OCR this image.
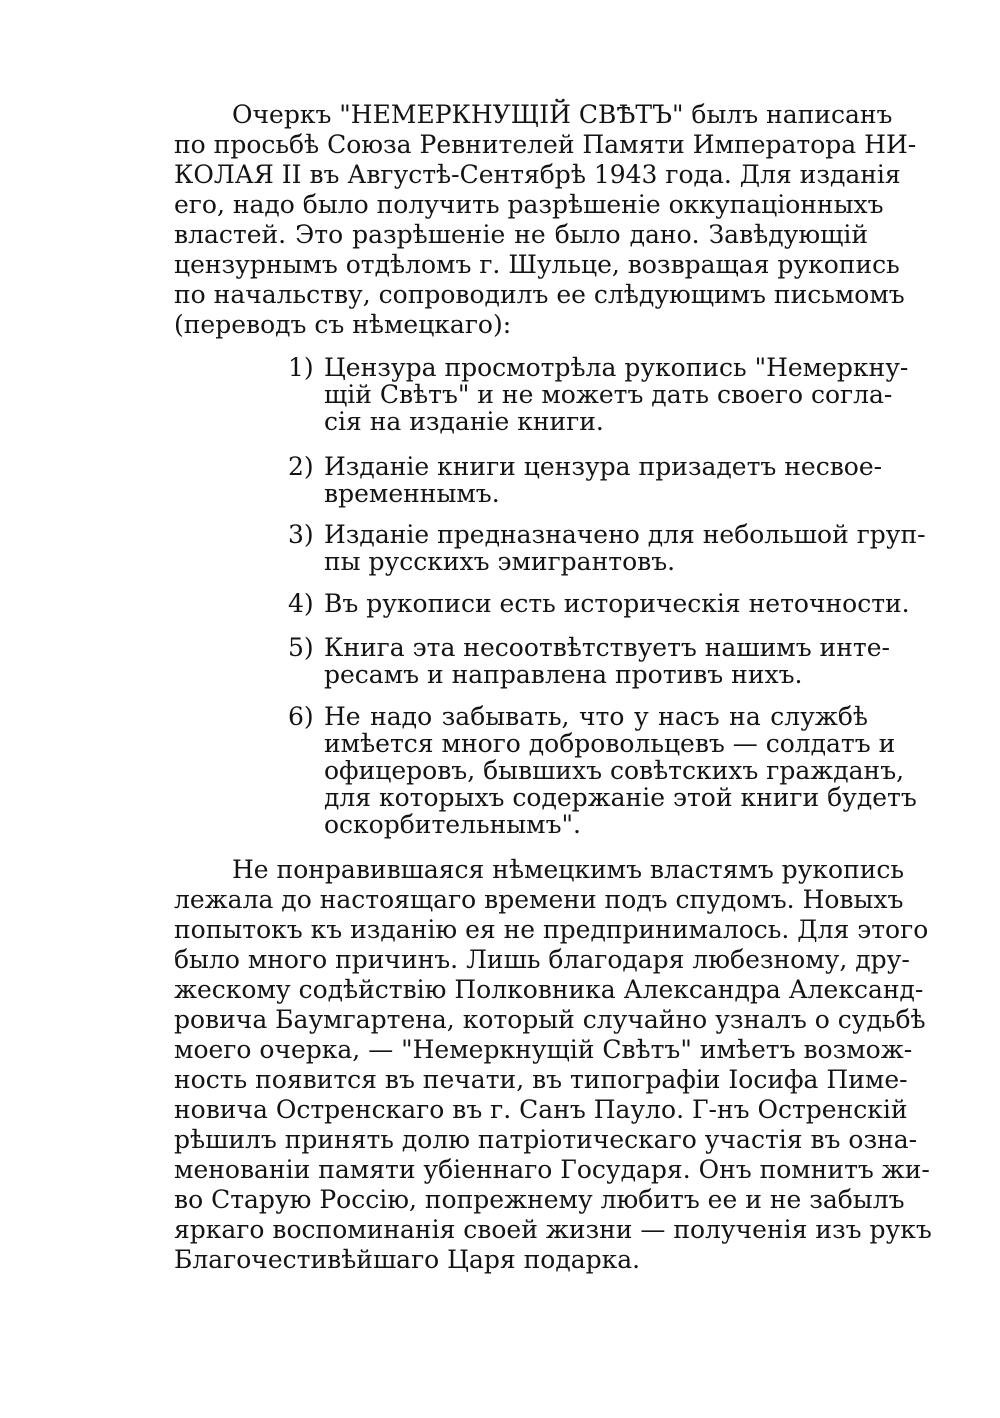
Очеркъ "НЕМЕРКНУЩIЙ СВѢТЪ" былъ написанъ
по просьбѣ Союза Ревнителей Памяти Императора НИ-
КОЛАЯ II въ Августѣ-Сентябрѣ 1943 года. Для изданiя
его, надо было получить разрѣшенiе оккупацiонныхъ
властей. Это разрѣшенiе не было дано. Завѣдующiй
цензурнымъ отдѣломъ г. Шульце, возвращая рукопись
по начальству, сопроводилъ ее слѣдующимъ письмомъ
(переводъ съ нѣмецкаго):
1) Цензура просмотрѣла рукопись "Немеркну-
щiй Свѣтъ" и не можетъ дать своего согла-
сiя на изданiе книги.
2) Изданiе книги цензура призадетъ несвое-
временнымъ.
3) Изданiе предназначено для небольшой груп-
пы русскихъ эмигрантовъ.
4) Въ рукописи есть историческiя неточности.
5) Книга эта несоотвѣтствуетъ нашимъ инте-
ресамъ и направлена противъ нихъ.
6) Не надо забывать, что у насъ на службѣ
имѣется много добровольцевъ — солдатъ и
офицеровъ, бывшихъ совѣтскихъ гражданъ,
для которыхъ содержанiе этой книги будетъ
оскорбительнымъ".
Не понравившаяся нѣмецкимъ властямъ рукопись
лежала до настоящаго времени подъ спудомъ. Новыхъ
попытокъ къ изданiю ея не предпринималось. Для этого
было много причинъ. Лишь благодаря любезному, дру-
жескому содѣйствiю Полковника Александра Александ-
ровича Баумгартена, который случайно узналъ о судьбѣ
моего очерка, — "Немеркнущiй Свѣтъ" имѣетъ возмож-
ность появится въ печати, въ типографiи Iосифа Пиме-
новича Остренскаго въ г. Санъ Пауло. Г-нъ Остренскiй
рѣшилъ принять долю патрiотическаго участiя въ озна-
менованiи памяти убiеннаго Государя. Онъ помнитъ жи-
во Старую Россiю, попрежнему любитъ ее и не забылъ
яркаго воспоминанiя своей жизни — полученiя изъ рукъ
Благочестивѣйшаго Царя подарка.
